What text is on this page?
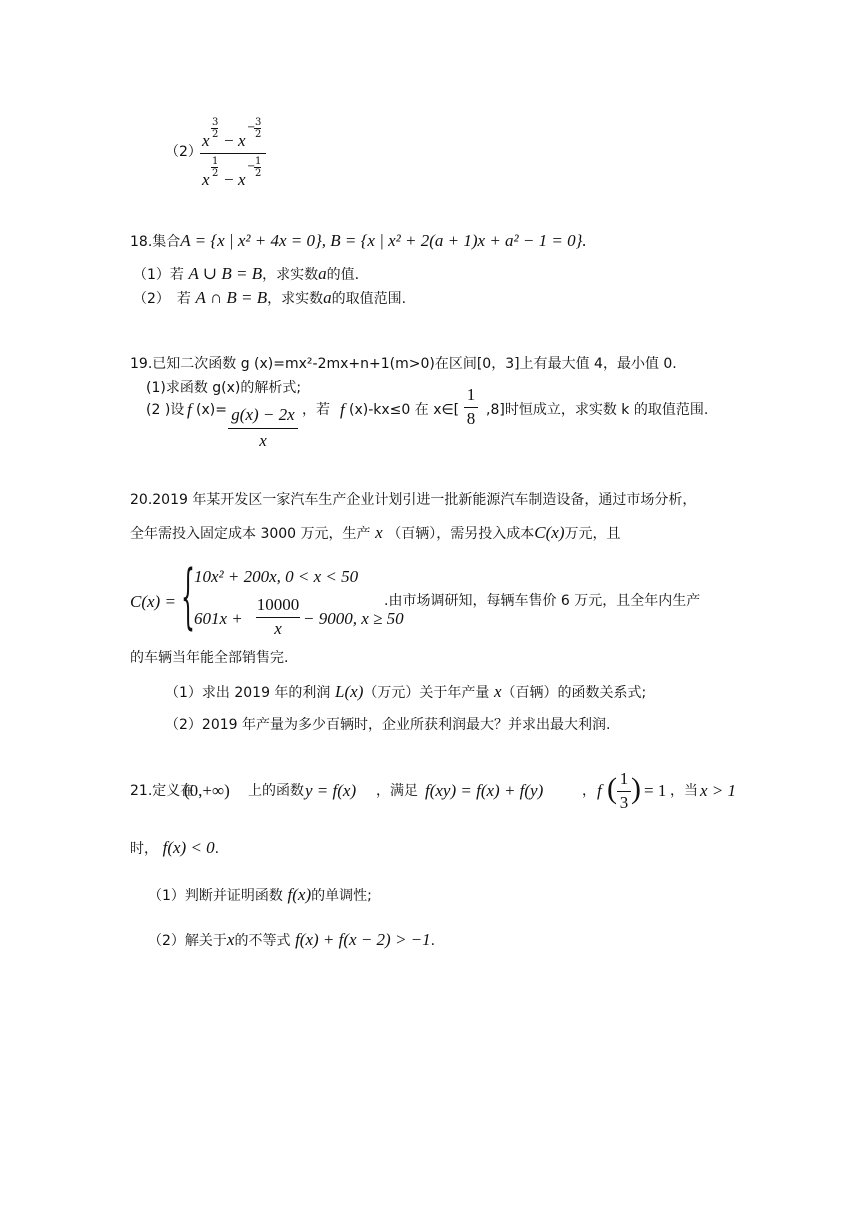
（2）
x
3
2 − x
− 3
2
x
1
2 − x
− 1
2
18.集合A = {x | x² + 4x = 0}, B = {x | x² + 2(a + 1)x + a² − 1 = 0}.
（1）若 A ∪ B = B，求实数a的值.
（2）　若 A ∩ B = B，求实数a的取值范围.
19.已知二次函数 g (x)=mx²-2mx+n+1(m>0)在区间[0，3]上有最大值 4，最小值 0.
(1)求函数 g(x)的解析式;
(2 )设 f (x)= g(x) − 2x
x
，若 f (x)-kx≤0 在 x∈[
1
8 ,8]时恒成立，求实数 k 的取值范围.
20.2019 年某开发区一家汽车生产企业计划引进一批新能源汽车制造设备，通过市场分析，
全年需投入固定成本 3000 万元，生产 x （百辆），需另投入成本C(x)万元，且
C(x) = { 10x² + 200x, 0 < x < 50
601x +
10000
x
− 9000, x ≥ 50
.由市场调研知，每辆车售价 6 万元，且全年内生产
的车辆当年能全部销售完.
（1）求出 2019 年的利润 L(x)（万元）关于年产量 x（百辆）的函数关系式;
（2）2019 年产量为多少百辆时，企业所获利润最大？并求出最大利润.
21.定义在
(0,+∞) 上的函数 y = f(x) ，满足 f(xy) = f(x) + f(y)	， f ( 1
3 ) = 1 ，当 x > 1
时， f(x) < 0.
（1）判断并证明函数 f(x)的单调性;
（2）解关于x的不等式 f(x) + f(x − 2) > −1.
